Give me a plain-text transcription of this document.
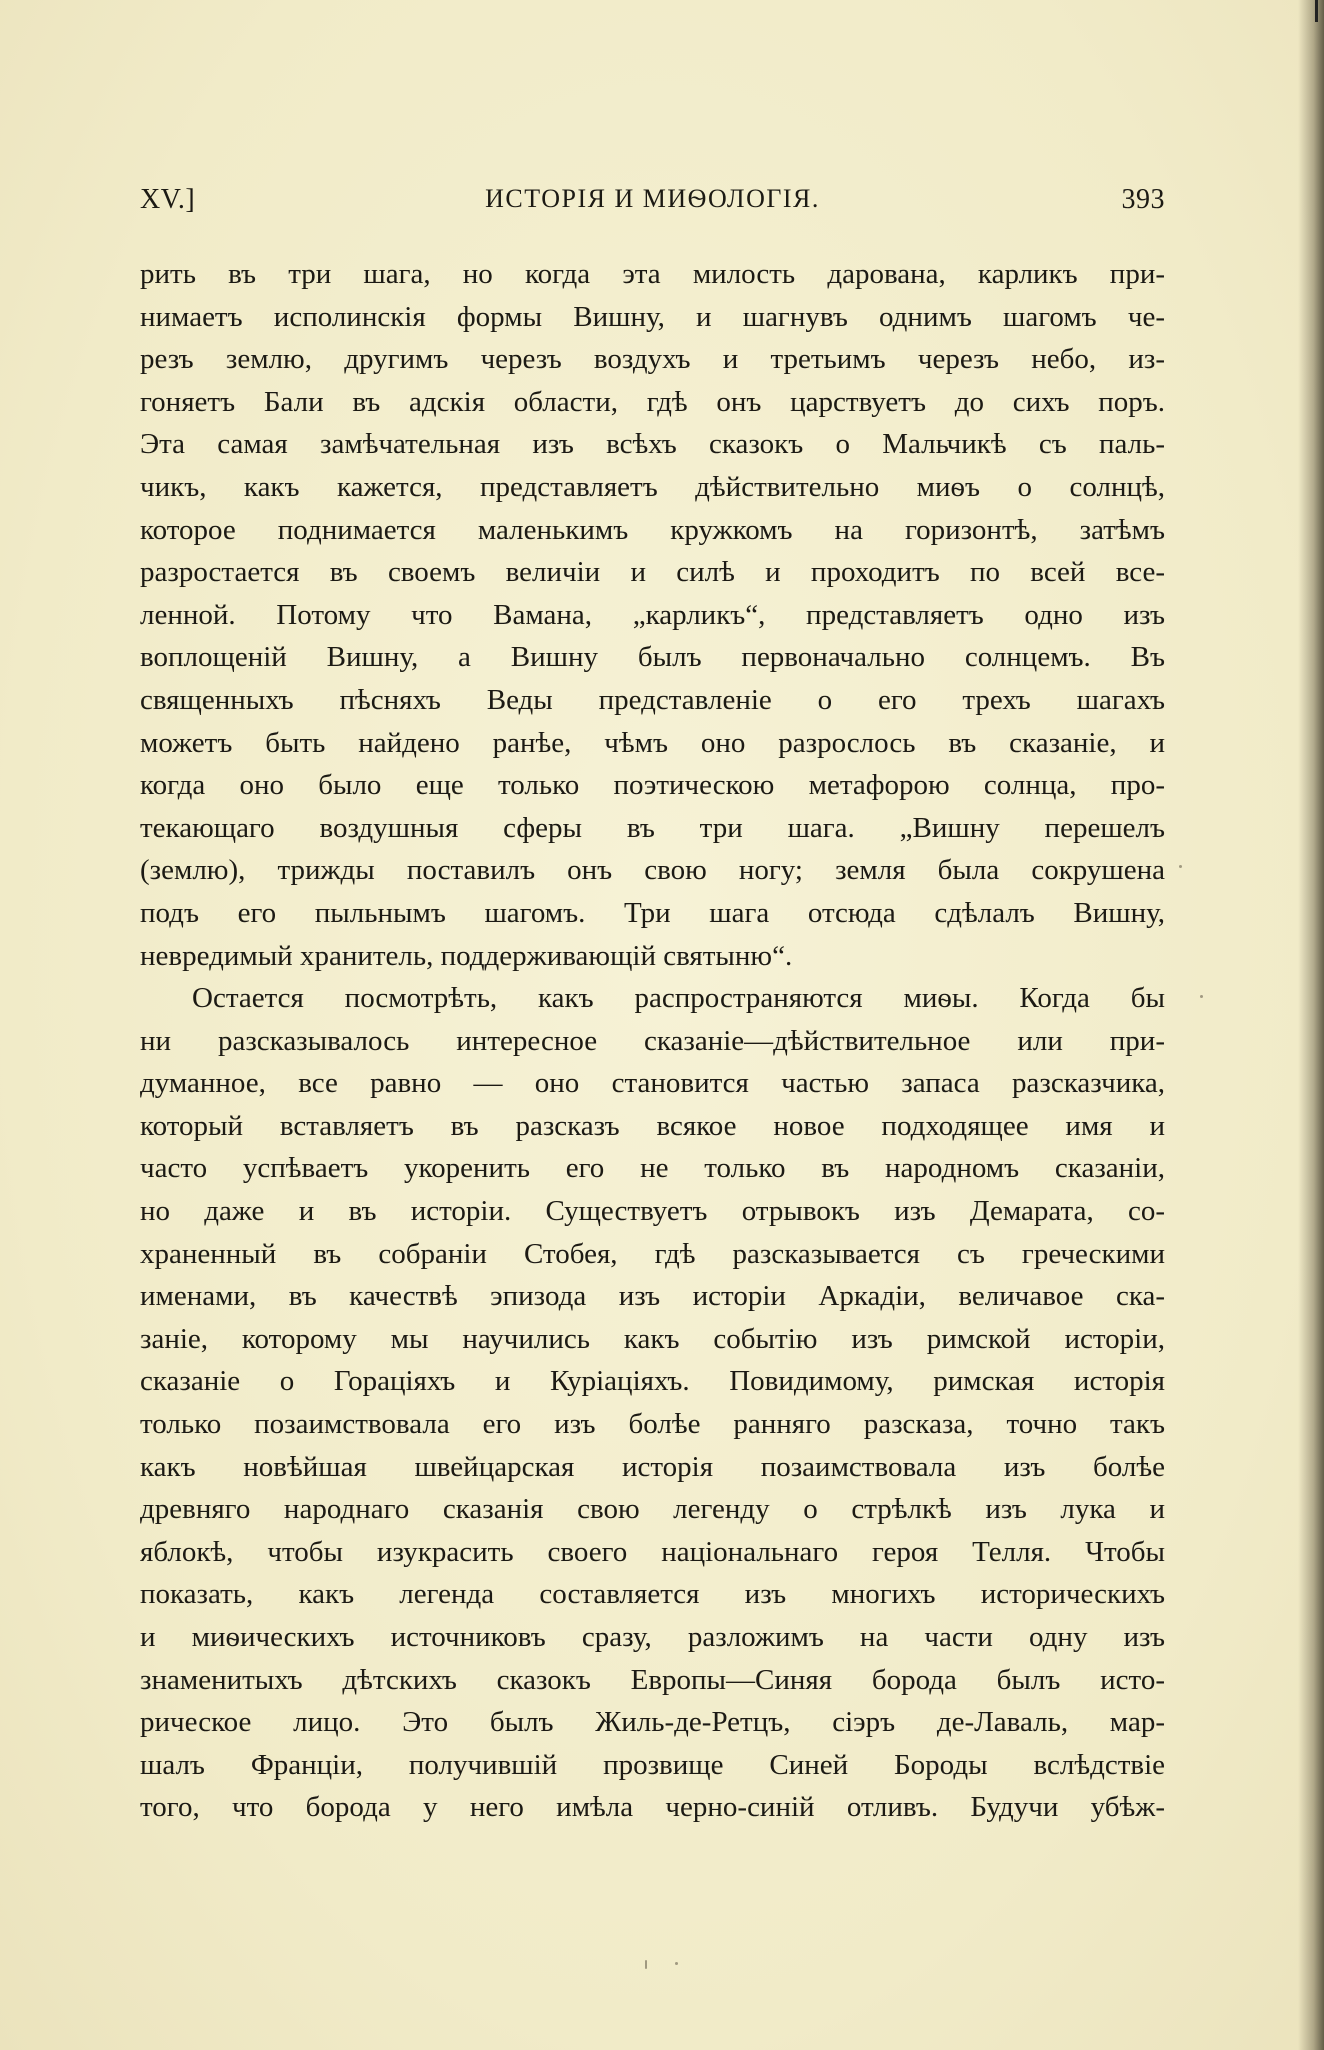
XV.]	ИСТОРІЯ И МИѲОЛОГІЯ.	393
рить въ три шага, но когда эта милость дарована, карликъ при-
нимаетъ исполинскія формы Вишну, и шагнувъ однимъ шагомъ че-
резъ землю, другимъ черезъ воздухъ и третьимъ черезъ небо, из-
гоняетъ Бали въ адскія области, гдѣ онъ царствуетъ до сихъ поръ.
Эта самая замѣчательная изъ всѣхъ сказокъ о Мальчикѣ съ паль-
чикъ, какъ кажется, представляетъ дѣйствительно миѳъ о солнцѣ,
которое поднимается маленькимъ кружкомъ на горизонтѣ, затѣмъ
разростается въ своемъ величіи и силѣ и проходитъ по всей все-
ленной. Потому что Вамана, „карликъ“, представляетъ одно изъ
воплощеній Вишну, а Вишну былъ первоначально солнцемъ. Въ
священныхъ пѣсняхъ Веды представленіе о его трехъ шагахъ
можетъ быть найдено ранѣе, чѣмъ оно разрослось въ сказаніе, и
когда оно было еще только поэтическою метафорою солнца, про-
текающаго воздушныя сферы въ три шага. „Вишну перешелъ
(землю), трижды поставилъ онъ свою ногу; земля была сокрушена
подъ его пыльнымъ шагомъ. Три шага отсюда сдѣлалъ Вишну,
невредимый хранитель, поддерживающій святыню“.
Остается посмотрѣть, какъ распространяются миѳы. Когда бы
ни разсказывалось интересное сказаніе—дѣйствительное или при-
думанное, все равно — оно становится частью запаса разсказчика,
который вставляетъ въ разсказъ всякое новое подходящее имя и
часто успѣваетъ укоренить его не только въ народномъ сказаніи,
но даже и въ исторіи. Существуетъ отрывокъ изъ Демарата, со-
храненный въ собраніи Стобея, гдѣ разсказывается съ греческими
именами, въ качествѣ эпизода изъ исторіи Аркадіи, величавое ска-
заніе, которому мы научились какъ событію изъ римской исторіи,
сказаніе о Гораціяхъ и Куріаціяхъ. Повидимому, римская исторія
только позаимствовала его изъ болѣе ранняго разсказа, точно такъ
какъ новѣйшая швейцарская исторія позаимствовала изъ болѣе
древняго народнаго сказанія свою легенду о стрѣлкѣ изъ лука и
яблокѣ, чтобы изукрасить своего національнаго героя Телля. Чтобы
показать, какъ легенда составляется изъ многихъ историческихъ
и миѳическихъ источниковъ сразу, разложимъ на части одну изъ
знаменитыхъ дѣтскихъ сказокъ Европы—Синяя борода былъ исто-
рическое лицо. Это былъ Жиль-де-Ретцъ, сіэръ де-Лаваль, мар-
шалъ Франціи, получившій прозвище Синей Бороды вслѣдствіе
того, что борода у него имѣла черно-синій отливъ. Будучи убѣж-
